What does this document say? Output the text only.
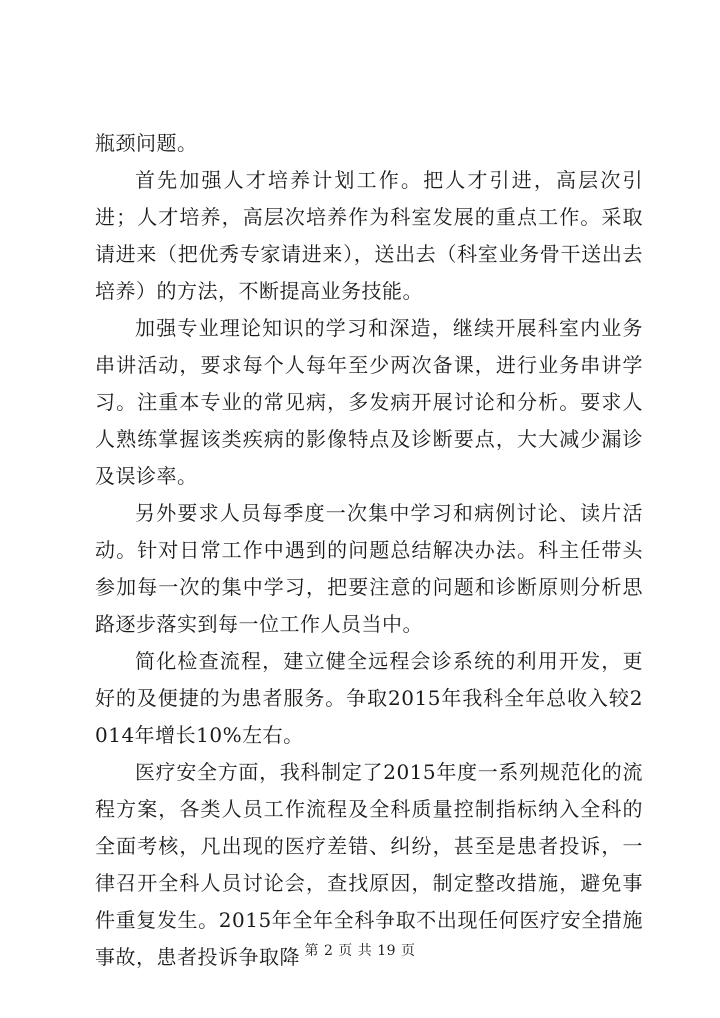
瓶颈问题。

首先加强人才培养计划工作。把人才引进，高层次引进；人才培养，高层次培养作为科室发展的重点工作。采取请进来（把优秀专家请进来），送出去（科室业务骨干送出去培养）的方法，不断提高业务技能。

加强专业理论知识的学习和深造，继续开展科室内业务串讲活动，要求每个人每年至少两次备课，进行业务串讲学习。注重本专业的常见病，多发病开展讨论和分析。要求人人熟练掌握该类疾病的影像特点及诊断要点，大大减少漏诊及误诊率。

另外要求人员每季度一次集中学习和病例讨论、读片活动。针对日常工作中遇到的问题总结解决办法。科主任带头参加每一次的集中学习，把要注意的问题和诊断原则分析思路逐步落实到每一位工作人员当中。

简化检查流程，建立健全远程会诊系统的利用开发，更好的及便捷的为患者服务。争取2015年我科全年总收入较2014年增长10%左右。

医疗安全方面，我科制定了2015年度一系列规范化的流程方案，各类人员工作流程及全科质量控制指标纳入全科的全面考核，凡出现的医疗差错、纠纷，甚至是患者投诉，一律召开全科人员讨论会，查找原因，制定整改措施，避免事件重复发生。2015年全年全科争取不出现任何医疗安全措施事故，患者投诉争取降 第 2 页 共 19 页
